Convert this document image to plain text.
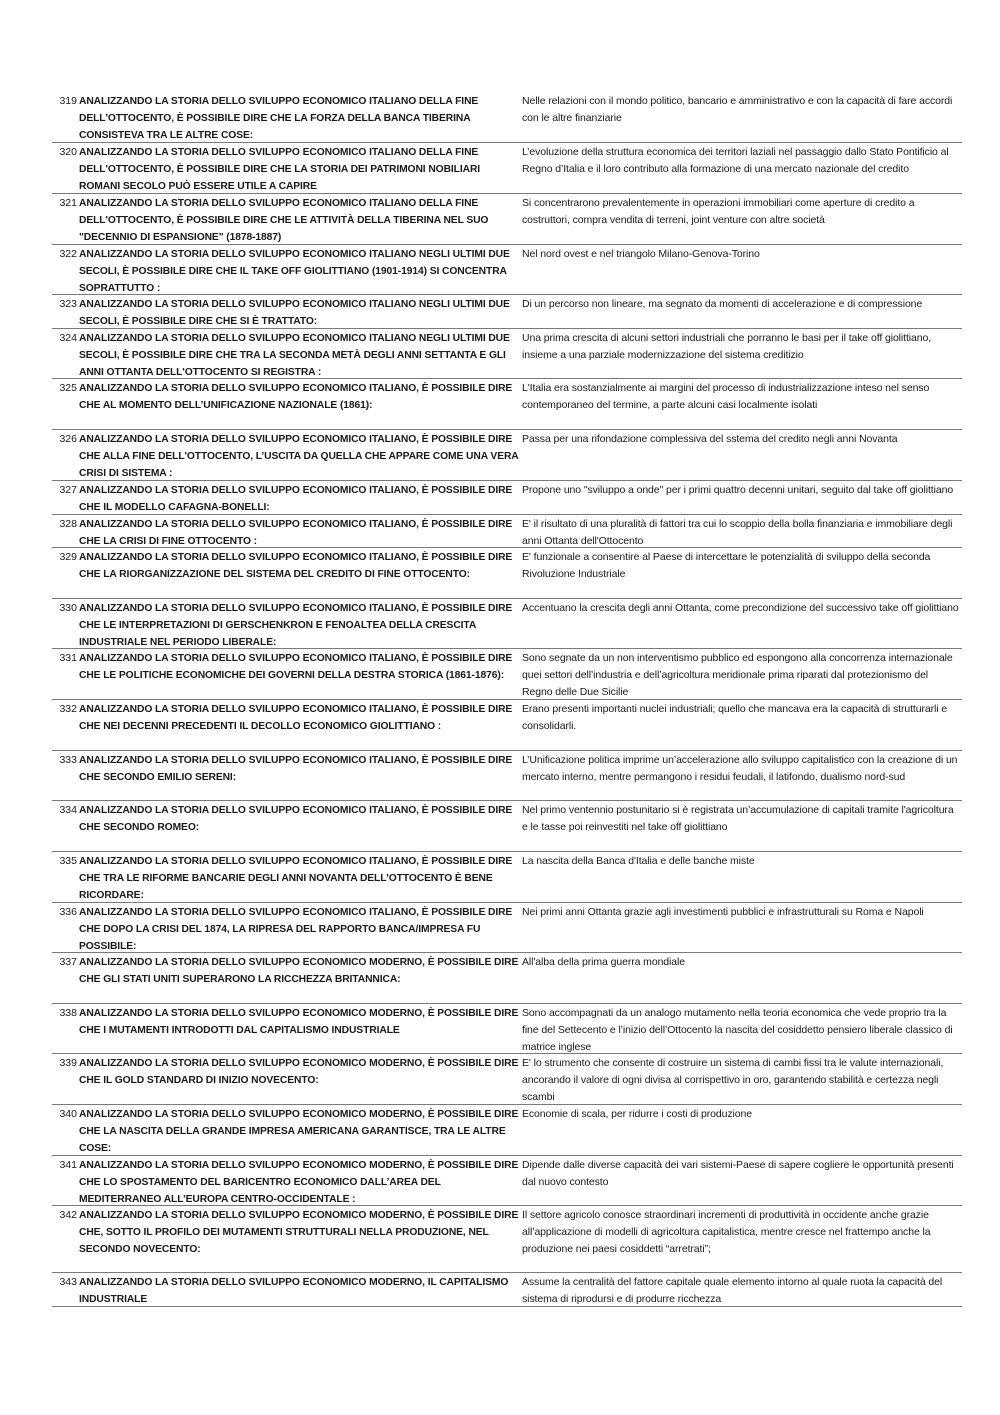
319 ANALIZZANDO LA STORIA DELLO SVILUPPO ECONOMICO ITALIANO DELLA FINE DELL'OTTOCENTO, È POSSIBILE DIRE CHE LA FORZA DELLA BANCA TIBERINA CONSISTEVA TRA LE ALTRE COSE:
Nelle relazioni con il mondo politico, bancario e amministrativo e con la capacità di fare accordi con le altre finanziarie
320 ANALIZZANDO LA STORIA DELLO SVILUPPO ECONOMICO ITALIANO DELLA FINE DELL'OTTOCENTO, È POSSIBILE DIRE CHE LA STORIA DEI PATRIMONI NOBILIARI ROMANI SECOLO PUÒ ESSERE UTILE A CAPIRE
L’evoluzione della struttura economica dei territori laziali nel passaggio dallo Stato Pontificio al Regno d’Italia e il loro contributo alla formazione di una mercato nazionale del credito
321 ANALIZZANDO LA STORIA DELLO SVILUPPO ECONOMICO ITALIANO DELLA FINE DELL'OTTOCENTO, È POSSIBILE DIRE CHE LE ATTIVITÀ DELLA TIBERINA NEL SUO "DECENNIO DI ESPANSIONE" (1878-1887)
Si concentrarono prevalentemente in operazioni immobiliari come aperture di credito a costruttori, compra vendita di terreni, joint venture con altre società
322 ANALIZZANDO LA STORIA DELLO SVILUPPO ECONOMICO ITALIANO NEGLI ULTIMI DUE SECOLI, È POSSIBILE DIRE CHE IL TAKE OFF GIOLITTIANO (1901-1914) SI CONCENTRA SOPRATTUTTO :
Nel nord ovest e nel triangolo Milano-Genova-Torino
323 ANALIZZANDO LA STORIA DELLO SVILUPPO ECONOMICO ITALIANO NEGLI ULTIMI DUE SECOLI, È POSSIBILE DIRE CHE SI È TRATTATO:
Di un percorso non lineare, ma segnato da momenti di accelerazione e di compressione
324 ANALIZZANDO LA STORIA DELLO SVILUPPO ECONOMICO ITALIANO NEGLI ULTIMI DUE SECOLI, È POSSIBILE DIRE CHE TRA LA SECONDA METÀ DEGLI ANNI SETTANTA E GLI ANNI OTTANTA DELL'OTTOCENTO SI REGISTRA :
Una prima crescita di alcuni settori industriali che porranno le basi per il take off giolittiano, insieme a una parziale modernizzazione del sistema creditizio
325 ANALIZZANDO LA STORIA DELLO SVILUPPO ECONOMICO ITALIANO, È POSSIBILE DIRE CHE AL MOMENTO DELL’UNIFICAZIONE NAZIONALE (1861):
L'Italia era sostanzialmente ai margini del processo di industrializzazione inteso nel senso contemporaneo del termine, a parte alcuni casi localmente isolati
326 ANALIZZANDO LA STORIA DELLO SVILUPPO ECONOMICO ITALIANO, È POSSIBILE DIRE CHE ALLA FINE DELL'OTTOCENTO, L’USCITA DA QUELLA CHE APPARE COME UNA VERA CRISI DI SISTEMA :
Passa per una rifondazione complessiva del sstema del credito negli anni Novanta
327 ANALIZZANDO LA STORIA DELLO SVILUPPO ECONOMICO ITALIANO, È POSSIBILE DIRE CHE IL MODELLO CAFAGNA-BONELLI:
Propone uno "sviluppo a onde" per i primi quattro decenni unitari, seguito dal take off giolittiano
328 ANALIZZANDO LA STORIA DELLO SVILUPPO ECONOMICO ITALIANO, È POSSIBILE DIRE CHE LA CRISI DI FINE OTTOCENTO :
E' il risultato di una pluralità di fattori tra cui lo scoppio della bolla finanziaria e immobiliare degli anni Ottanta dell'Ottocento
329 ANALIZZANDO LA STORIA DELLO SVILUPPO ECONOMICO ITALIANO, È POSSIBILE DIRE CHE LA RIORGANIZZAZIONE DEL SISTEMA DEL CREDITO DI FINE OTTOCENTO:
E' funzionale a consentire al Paese di intercettare le potenzialità di sviluppo della seconda Rivoluzione Industriale
330 ANALIZZANDO LA STORIA DELLO SVILUPPO ECONOMICO ITALIANO, È POSSIBILE DIRE CHE LE INTERPRETAZIONI DI GERSCHENKRON E FENOALTEA DELLA CRESCITA INDUSTRIALE NEL PERIODO LIBERALE:
Accentuano la crescita degli anni Ottanta, come precondizione del successivo take off giolittiano
331 ANALIZZANDO LA STORIA DELLO SVILUPPO ECONOMICO ITALIANO, È POSSIBILE DIRE CHE LE POLITICHE ECONOMICHE DEI GOVERNI DELLA DESTRA STORICA (1861-1876):
Sono segnate da un non interventismo pubblico ed espongono alla concorrenza internazionale quei settori dell’industria e dell’agricoltura meridionale prima riparati dal protezionismo del Regno delle Due Sicilie
332 ANALIZZANDO LA STORIA DELLO SVILUPPO ECONOMICO ITALIANO, È POSSIBILE DIRE CHE NEI DECENNI PRECEDENTI IL DECOLLO ECONOMICO GIOLITTIANO :
Erano presenti importanti nuclei industriali; quello che mancava era la capacità di strutturarli e consolidarli.
333 ANALIZZANDO LA STORIA DELLO SVILUPPO ECONOMICO ITALIANO, È POSSIBILE DIRE CHE SECONDO EMILIO SERENI:
L’Unificazione politica imprime un’accelerazione allo sviluppo capitalistico con la creazione di un mercato interno, mentre permangono i residui feudali, il latifondo, dualismo nord-sud
334 ANALIZZANDO LA STORIA DELLO SVILUPPO ECONOMICO ITALIANO, È POSSIBILE DIRE CHE SECONDO ROMEO:
Nel primo ventennio postunitario si è registrata un’accumulazione di capitali tramite l'agricoltura e le tasse poi reinvestiti nel take off giolittiano
335 ANALIZZANDO LA STORIA DELLO SVILUPPO ECONOMICO ITALIANO, È POSSIBILE DIRE CHE TRA LE RIFORME BANCARIE DEGLI ANNI NOVANTA DELL'OTTOCENTO È BENE RICORDARE:
La nascita della Banca d'Italia e delle banche miste
336 ANALIZZANDO LA STORIA DELLO SVILUPPO ECONOMICO ITALIANO, È POSSIBILE DIRE CHE DOPO LA CRISI DEL 1874, LA RIPRESA DEL RAPPORTO BANCA/IMPRESA FU POSSIBILE:
Nei primi anni Ottanta grazie agli investimenti pubblici e infrastrutturali su Roma e Napoli
337 ANALIZZANDO LA STORIA DELLO SVILUPPO ECONOMICO MODERNO, È POSSIBILE DIRE CHE GLI STATI UNITI SUPERARONO LA RICCHEZZA BRITANNICA:
All'alba della prima guerra mondiale
338 ANALIZZANDO LA STORIA DELLO SVILUPPO ECONOMICO MODERNO, È POSSIBILE DIRE CHE I MUTAMENTI INTRODOTTI DAL CAPITALISMO INDUSTRIALE
Sono accompagnati da un analogo mutamento nella teoria economica che vede proprio tra la fine del Settecento e l’inizio dell’Ottocento la nascita del cosiddetto pensiero liberale classico di matrice inglese
339 ANALIZZANDO LA STORIA DELLO SVILUPPO ECONOMICO MODERNO, È POSSIBILE DIRE CHE IL GOLD STANDARD DI INIZIO NOVECENTO:
E' lo strumento che consente di costruire un sistema di cambi fissi tra le valute internazionali, ancorando il valore di ogni divisa al corrispettivo in oro, garantendo stabilità e certezza negli scambi
340 ANALIZZANDO LA STORIA DELLO SVILUPPO ECONOMICO MODERNO, È POSSIBILE DIRE CHE LA NASCITA DELLA GRANDE IMPRESA AMERICANA GARANTISCE, TRA LE ALTRE COSE:
Economie di scala, per ridurre i costi di produzione
341 ANALIZZANDO LA STORIA DELLO SVILUPPO ECONOMICO MODERNO, È POSSIBILE DIRE CHE LO SPOSTAMENTO DEL BARICENTRO ECONOMICO DALL’AREA DEL MEDITERRANEO ALL’EUROPA CENTRO-OCCIDENTALE :
Dipende dalle diverse capacità dei vari sistemi-Paese di sapere cogliere le opportunità presenti dal nuovo contesto
342 ANALIZZANDO LA STORIA DELLO SVILUPPO ECONOMICO MODERNO, È POSSIBILE DIRE CHE, SOTTO IL PROFILO DEI MUTAMENTI STRUTTURALI NELLA PRODUZIONE, NEL SECONDO NOVECENTO:
Il settore agricolo conosce straordinari incrementi di produttività in occidente anche grazie all’applicazione di modelli di agricoltura capitalistica, mentre cresce nel frattempo anche la produzione nei paesi cosiddetti “arretrati”;
343 ANALIZZANDO LA STORIA DELLO SVILUPPO ECONOMICO MODERNO, IL CAPITALISMO INDUSTRIALE
Assume la centralità del fattore capitale quale elemento intorno al quale ruota la capacità del sistema di riprodursi e di produrre ricchezza
